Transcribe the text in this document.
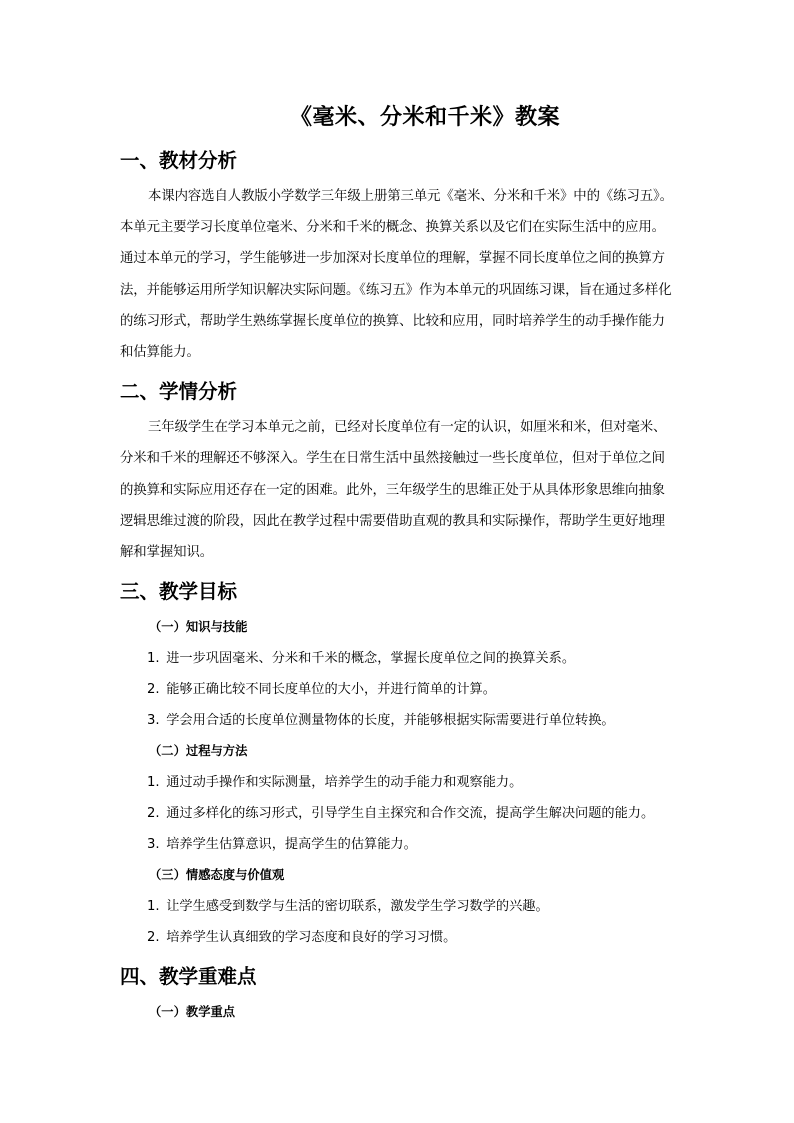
《毫米、分米和千米》教案
一、教材分析

本课内容选自人教版小学数学三年级上册第三单元《毫米、分米和千米》中的《练习五》。本单元主要学习长度单位毫米、分米和千米的概念、换算关系以及它们在实际生活中的应用。通过本单元的学习，学生能够进一步加深对长度单位的理解，掌握不同长度单位之间的换算方法，并能够运用所学知识解决实际问题。《练习五》作为本单元的巩固练习课，旨在通过多样化的练习形式，帮助学生熟练掌握长度单位的换算、比较和应用，同时培养学生的动手操作能力和估算能力。

二、学情分析

三年级学生在学习本单元之前，已经对长度单位有一定的认识，如厘米和米，但对毫米、分米和千米的理解还不够深入。学生在日常生活中虽然接触过一些长度单位，但对于单位之间的换算和实际应用还存在一定的困难。此外，三年级学生的思维正处于从具体形象思维向抽象逻辑思维过渡的阶段，因此在教学过程中需要借助直观的教具和实际操作，帮助学生更好地理解和掌握知识。

三、教学目标

（一）知识与技能

1. 进一步巩固毫米、分米和千米的概念，掌握长度单位之间的换算关系。

2. 能够正确比较不同长度单位的大小，并进行简单的计算。

3. 学会用合适的长度单位测量物体的长度，并能够根据实际需要进行单位转换。

（二）过程与方法

1. 通过动手操作和实际测量，培养学生的动手能力和观察能力。

2. 通过多样化的练习形式，引导学生自主探究和合作交流，提高学生解决问题的能力。

3. 培养学生估算意识，提高学生的估算能力。

（三）情感态度与价值观

1. 让学生感受到数学与生活的密切联系，激发学生学习数学的兴趣。

2. 培养学生认真细致的学习态度和良好的学习习惯。

四、教学重难点

（一）教学重点
